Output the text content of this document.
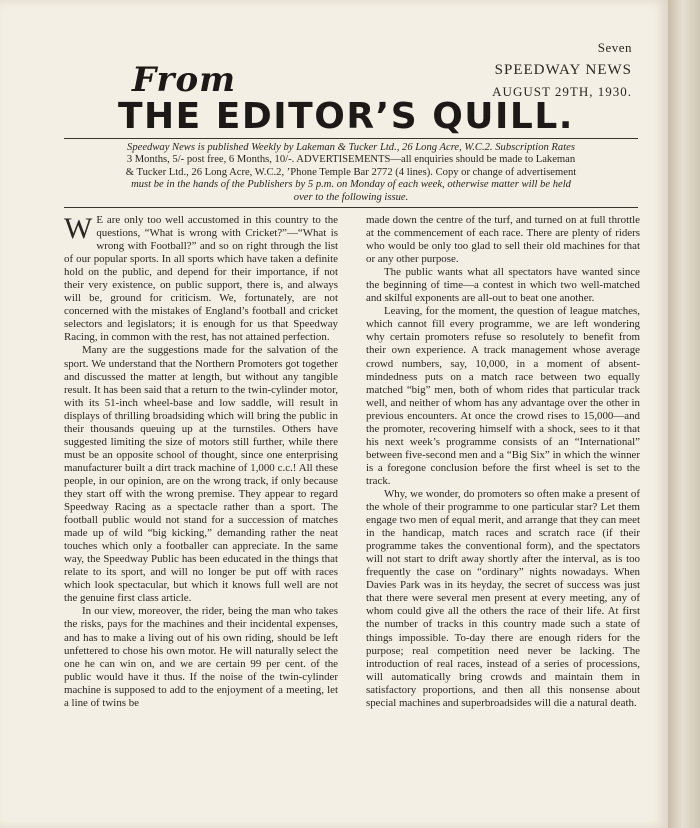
Seven
From
THE EDITOR’S QUILL.
SPEEDWAY NEWS
AUGUST 29TH, 1930.
Speedway News is published Weekly by Lakeman & Tucker Ltd., 26 Long Acre, W.C.2. Subscription Rates
3 Months, 5/- post free, 6 Months, 10/-. ADVERTISEMENTS—all enquiries should be made to Lakeman
& Tucker Ltd., 26 Long Acre, W.C.2, ’Phone Temple Bar 2772 (4 lines). Copy or change of advertisement
must be in the hands of the Publishers by 5 p.m. on Monday of each week, otherwise matter will be held
over to the following issue.

W E are only too well accustomed in this country to the questions, “What is wrong with Cricket?”—“What is wrong with Football?” and so on right through the list of our popular sports. In all sports which have taken a definite hold on the public, and depend for their importance, if not their very existence, on public support, there is, and always will be, ground for criticism. We, fortunately, are not concerned with the mistakes of England’s football and cricket selectors and legislators; it is enough for us that Speedway Racing, in common with the rest, has not attained perfection.

Many are the suggestions made for the salvation of the sport. We understand that the Northern Promoters got together and discussed the matter at length, but without any tangible result. It has been said that a return to the twin-cylinder motor, with its 51-inch wheel-base and low saddle, will result in displays of thrilling broadsiding which will bring the public in their thousands queuing up at the turnstiles. Others have suggested limiting the size of motors still further, while there must be an opposite school of thought, since one enterprising manufacturer built a dirt track machine of 1,000 c.c.! All these people, in our opinion, are on the wrong track, if only because they start off with the wrong premise. They appear to regard Speedway Racing as a spectacle rather than a sport. The football public would not stand for a succession of matches made up of wild “big kicking,” demanding rather the neat touches which only a footballer can appreciate. In the same way, the Speedway Public has been educated in the things that relate to its sport, and will no longer be put off with races which look spectacular, but which it knows full well are not the genuine first class article.

In our view, moreover, the rider, being the man who takes the risks, pays for the machines and their incidental expenses, and has to make a living out of his own riding, should be left unfettered to chose his own motor. He will naturally select the one he can win on, and we are certain 99 per cent. of the public would have it thus. If the noise of the twin-cylinder machine is supposed to add to the enjoyment of a meeting, let a line of twins be

made down the centre of the turf, and turned on at full throttle at the commencement of each race. There are plenty of riders who would be only too glad to sell their old machines for that or any other purpose.

The public wants what all spectators have wanted since the beginning of time—a contest in which two well-matched and skilful exponents are all-out to beat one another.

Leaving, for the moment, the question of league matches, which cannot fill every programme, we are left wondering why certain promoters refuse so resolutely to benefit from their own experience. A track management whose average crowd numbers, say, 10,000, in a moment of absent-mindedness puts on a match race between two equally matched “big” men, both of whom rides that particular track well, and neither of whom has any advantage over the other in previous encounters. At once the crowd rises to 15,000—and the promoter, recovering himself with a shock, sees to it that his next week’s programme consists of an “International” between five-second men and a “Big Six” in which the winner is a foregone conclusion before the first wheel is set to the track.

Why, we wonder, do promoters so often make a present of the whole of their programme to one particular star? Let them engage two men of equal merit, and arrange that they can meet in the handicap, match races and scratch race (if their programme takes the conventional form), and the spectators will not start to drift away shortly after the interval, as is too frequently the case on “ordinary” nights nowadays. When Davies Park was in its heyday, the secret of success was just that there were several men present at every meeting, any of whom could give all the others the race of their life. At first the number of tracks in this country made such a state of things impossible. To-day there are enough riders for the purpose; real competition need never be lacking. The introduction of real races, instead of a series of processions, will automatically bring crowds and maintain them in satisfactory proportions, and then all this nonsense about special machines and superbroadsides will die a natural death.
